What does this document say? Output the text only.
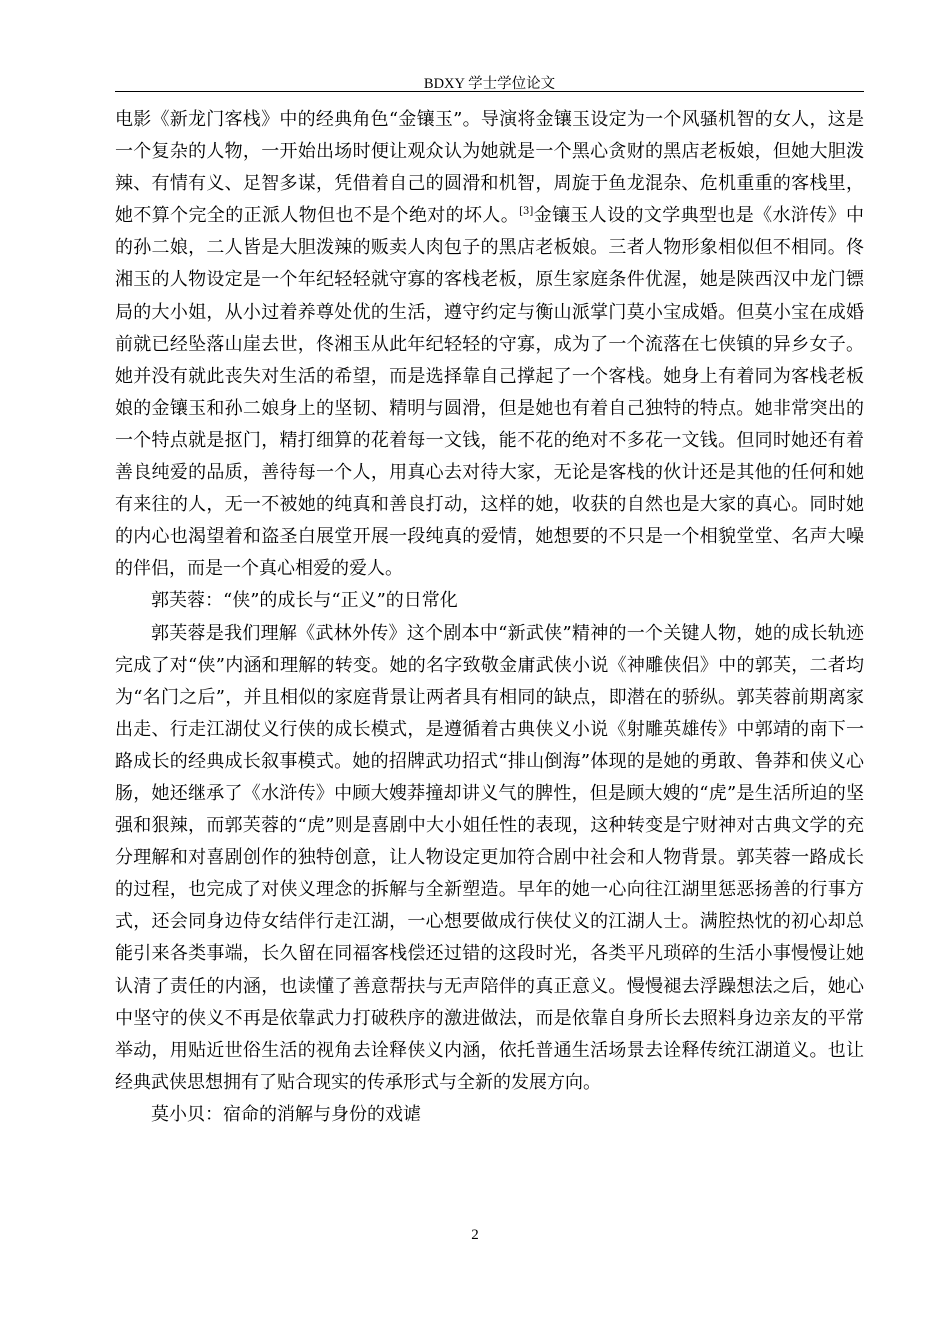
BDXY 学士学位论文

电影《新龙门客栈》中的经典角色“金镶玉”。导演将金镶玉设定为一个风骚机智的女人，这是一个复杂的人物，一开始出场时便让观众认为她就是一个黑心贪财的黑店老板娘，但她大胆泼辣、有情有义、足智多谋，凭借着自己的圆滑和机智，周旋于鱼龙混杂、危机重重的客栈里，她不算个完全的正派人物但也不是个绝对的坏人。[3]金镶玉人设的文学典型也是《水浒传》中的孙二娘，二人皆是大胆泼辣的贩卖人肉包子的黑店老板娘。三者人物形象相似但不相同。佟湘玉的人物设定是一个年纪轻轻就守寡的客栈老板，原生家庭条件优渥，她是陕西汉中龙门镖局的大小姐，从小过着养尊处优的生活，遵守约定与衡山派掌门莫小宝成婚。但莫小宝在成婚前就已经坠落山崖去世，佟湘玉从此年纪轻轻的守寡，成为了一个流落在七侠镇的异乡女子。她并没有就此丧失对生活的希望，而是选择靠自己撑起了一个客栈。她身上有着同为客栈老板娘的金镶玉和孙二娘身上的坚韧、精明与圆滑，但是她也有着自己独特的特点。她非常突出的一个特点就是抠门，精打细算的花着每一文钱，能不花的绝对不多花一文钱。但同时她还有着善良纯爱的品质，善待每一个人，用真心去对待大家，无论是客栈的伙计还是其他的任何和她有来往的人，无一不被她的纯真和善良打动，这样的她，收获的自然也是大家的真心。同时她的内心也渴望着和盗圣白展堂开展一段纯真的爱情，她想要的不只是一个相貌堂堂、名声大噪的伴侣，而是一个真心相爱的爱人。

郭芙蓉：“侠”的成长与“正义”的日常化

郭芙蓉是我们理解《武林外传》这个剧本中“新武侠”精神的一个关键人物，她的成长轨迹完成了对“侠”内涵和理解的转变。她的名字致敬金庸武侠小说《神雕侠侣》中的郭芙，二者均为“名门之后”，并且相似的家庭背景让两者具有相同的缺点，即潜在的骄纵。郭芙蓉前期离家出走、行走江湖仗义行侠的成长模式，是遵循着古典侠义小说《射雕英雄传》中郭靖的南下一路成长的经典成长叙事模式。她的招牌武功招式“排山倒海”体现的是她的勇敢、鲁莽和侠义心肠，她还继承了《水浒传》中顾大嫂莽撞却讲义气的脾性，但是顾大嫂的“虎”是生活所迫的坚强和狠辣，而郭芙蓉的“虎”则是喜剧中大小姐任性的表现，这种转变是宁财神对古典文学的充分理解和对喜剧创作的独特创意，让人物设定更加符合剧中社会和人物背景。郭芙蓉一路成长的过程，也完成了对侠义理念的拆解与全新塑造。早年的她一心向往江湖里惩恶扬善的行事方式，还会同身边侍女结伴行走江湖，一心想要做成行侠仗义的江湖人士。满腔热忱的初心却总能引来各类事端，长久留在同福客栈偿还过错的这段时光，各类平凡琐碎的生活小事慢慢让她认清了责任的内涵，也读懂了善意帮扶与无声陪伴的真正意义。慢慢褪去浮躁想法之后，她心中坚守的侠义不再是依靠武力打破秩序的激进做法，而是依靠自身所长去照料身边亲友的平常举动，用贴近世俗生活的视角去诠释侠义内涵，依托普通生活场景去诠释传统江湖道义。也让经典武侠思想拥有了贴合现实的传承形式与全新的发展方向。

莫小贝：宿命的消解与身份的戏谑

2
